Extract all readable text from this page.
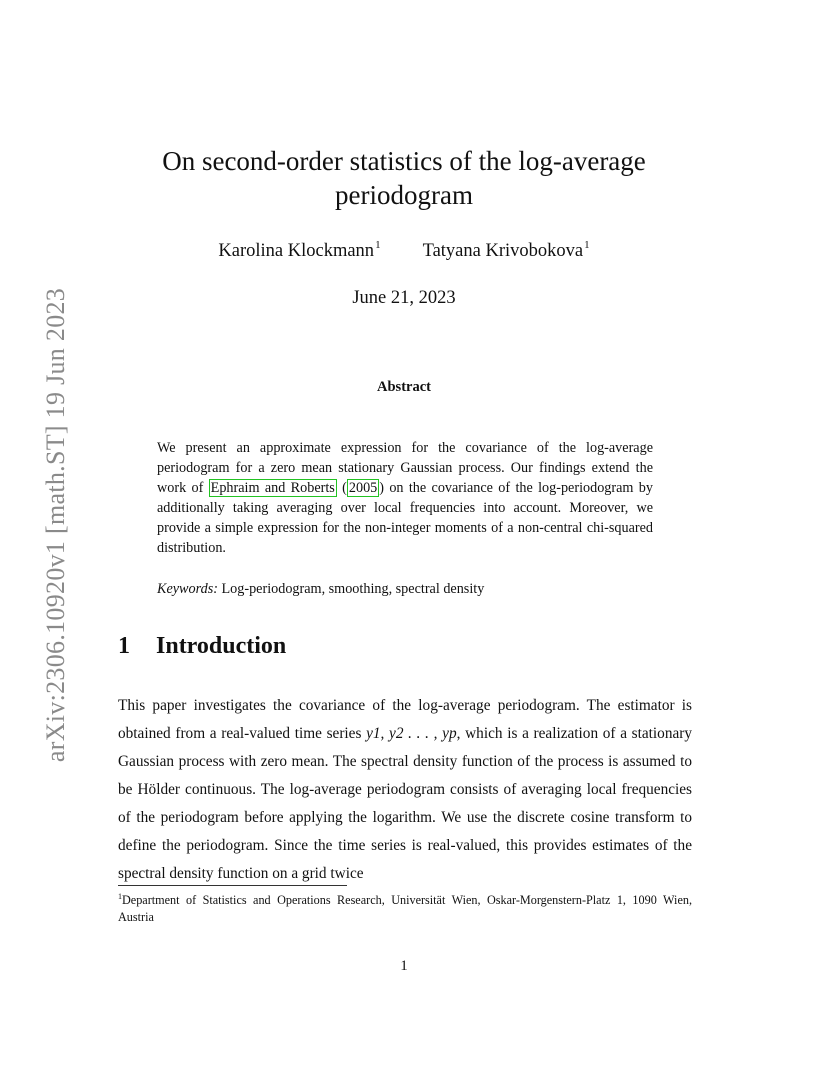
arXiv:2306.10920v1 [math.ST] 19 Jun 2023
On second-order statistics of the log-average periodogram
Karolina Klockmann$^1$ Tatyana Krivobokova$^1$
June 21, 2023
Abstract

We present an approximate expression for the covariance of the log-average periodogram for a zero mean stationary Gaussian process. Our findings extend the work of Ephraim and Roberts ( 2005 ) on the covariance of the log-periodogram by additionally taking averaging over local frequencies into account. Moreover, we provide a simple expression for the non-integer moments of a non-central chi-squared distribution.

Keywords: Log-periodogram, smoothing, spectral density
1 Introduction

This paper investigates the covariance of the log-average periodogram. The estimator is obtained from a real-valued time series y1, y2 . . . , yp, which is a realization of a stationary Gaussian process with zero mean. The spectral density function of the process is assumed to be Hölder continuous. The log-average periodogram consists of averaging local frequencies of the periodogram before applying the logarithm. We use the discrete cosine transform to define the periodogram. Since the time series is real-valued, this provides estimates of the spectral density function on a grid twice

$^1$Department of Statistics and Operations Research, Universität Wien, Oskar-Morgenstern-Platz 1, 1090 Wien, Austria

1
